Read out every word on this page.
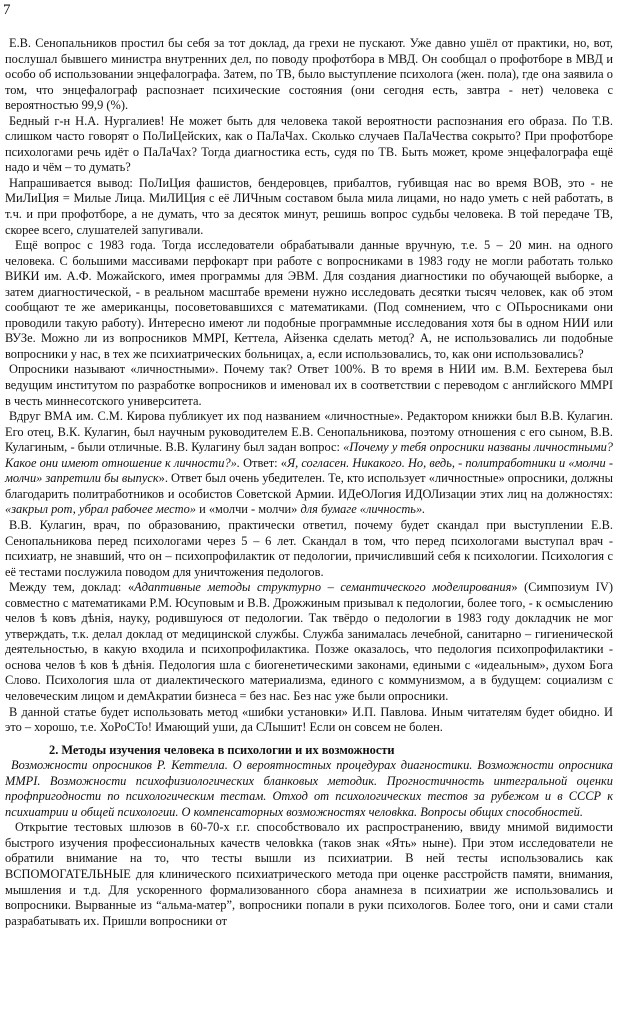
7

Е.В. Сенопальников простил бы себя за тот доклад, да грехи не пускают. Уже давно ушёл от практики, но, вот, послушал бывшего министра внутренних дел, по поводу профотбора в МВД. Он сообщал о профотборе в МВД и особо об использовании энцефалографа. Затем, по ТВ, было выступление психолога (жен. пола), где она заявила о том, что энцефалограф распознает психические состояния (они сегодня есть, завтра - нет) человека с вероятностью 99,9 (%).

Бедный г-н Н.А. Нургалиев! Не может быть для человека такой вероятности распознания его образа. По Т.В. слишком часто говорят о ПоЛиЦейских, как о ПаЛаЧах. Сколько случаев ПаЛаЧества сокрыто? При профотборе психологами речь идёт о ПаЛаЧах? Тогда диагностика есть, судя по ТВ. Быть может, кроме энцефалографа ещё надо и чём – то думать?

Напрашивается вывод: ПоЛиЦия фашистов, бендеровцев, прибалтов, губивщая нас во время ВОВ, это - не МиЛиЦия = Милые Лица. МиЛИЦия с её ЛИЧным составом была мила лицами, но надо уметь с ней работать, в т.ч. и при профотборе, а не думать, что за десяток минут, решишь вопрос судьбы человека. В той передаче ТВ, скорее всего, слушателей запугивали.

Ещё вопрос с 1983 года. Тогда исследователи обрабатывали данные вручную, т.е. 5 – 20 мин. на одного человека. С большими массивами перфокарт при работе с вопросниками в 1983 году не могли работать только ВИКИ им. А.Ф. Можайского, имея программы для ЭВМ. Для создания диагностики по обучающей выборке, а затем диагностической, - в реальном масштабе времени нужно исследовать десятки тысяч человек, как об этом сообщают те же американцы, посоветовавшихся с математиками. (Под сомнением, что с ОПьросниками они проводили такую работу). Интересно имеют ли подобные программные исследования хотя бы в одном НИИ или ВУЗе. Можно ли из вопросников MMPI, Кеттела, Айзенка сделать метод? А, не использовались ли подобные вопросники у нас, в тех же психиатрических больницах, а, если использовались, то, как они использовались?

Опросники называют «личностными». Почему так? Ответ 100%. В то время в НИИ им. В.М. Бехтерева был ведущим институтом по разработке вопросников и именовал их в соответствии с переводом с английского MMPI в честь миннесотского университета.

Вдруг ВМА им. С.М. Кирова публикует их под названием «личностные». Редактором книжки был В.В. Кулагин. Его отец, В.К. Кулагин, был научным руководителем Е.В. Сенопальникова, поэтому отношения с его сыном, В.В. Кулагиным, - были отличные. В.В. Кулагину был задан вопрос: «Почему у тебя опросники названы личностными? Какое они имеют отношение к личности?». Ответ: «Я, согласен. Никакого. Но, ведь, - политработники и «молчи - молчи» запретили бы выпуск». Ответ был очень убедителен. Те, кто использует «личностные» опросники, должны благодарить политработников и особистов Советской Армии. ИДеОЛогия ИДОЛизации этих лиц на должностях: «закрыл рот, убрал рабочее место» и «молчи - молчи» для бумаге «личность».

В.В. Кулагин, врач, по образованию, практически ответил, почему будет скандал при выступлении Е.В. Сенопальникова перед психологами через 5 – 6 лет. Скандал в том, что перед психологами выступал врач - психиатр, не знавший, что он – психопрофилактик от педологии, причисливший себя к психологии. Психология с её тестами послужила поводом для уничтожения педологов.

Между тем, доклад: «Адаптивные методы структурно – семантического моделирования» (Симпозиум IV) совместно с математиками Р.М. Юсуповым и В.В. Дрожжиным призывал к педологии, более того, - к осмыслению челов ѣ ковъ дѣнія, науку, родившуюся от педологии. Так твёрдо о педологии в 1983 году докладчик не мог утверждать, т.к. делал доклад от медицинской службы. Служба занималась лечебной, санитарно – гигиенической деятельностью, в какую входила и психопрофилактика. Позже оказалось, что педология психопрофилактики - основа челов ѣ ков ѣ дѣнія. Педология шла с биогенетическими законами, едиными с «идеальным», духом Бога Слово. Психология шла от диалектического материализма, единого с коммунизмом, а в будущем: социализм с человеческим лицом и демАкратии бизнеса = без нас. Без нас уже были опросники.

В данной статье будет использовать метод «шибки установки» И.П. Павлова. Иным читателям будет обидно. И это – хорошо, т.е. ХоРоСТо! Имающий уши, да СЛышит! Если он совсем не болен.

2. Методы изучения человека в психологии и их возможности

Возможности опросников Р. Кеттелла. О вероятностных процедурах диагностики. Возможности опросника MMPI. Возможности психофизиологических бланковых методик. Прогностичность интегральной оценки профпригодности по психологическим тестам. Отход от психологических тестов за рубежом и в СССР к психиатрии и общей психологии. О компенсаторных возможностях человkка. Вопросы общих способностей.

Открытие тестовых шлюзов в 60-70-х г.г. способствовало их распространению, ввиду мнимой видимости быстрого изучения профессиональных качеств человkка (таков знак «Ять» ныне). При этом исследователи не обратили внимание на то, что тесты вышли из психиатрии. В ней тесты использовались как ВСПОМОГАТЕЛЬНЫЕ для клинического психиатрического метода при оценке расстройств памяти, внимания, мышления и т.д. Для ускоренного формализованного сбора анамнеза в психиатрии же использовались и вопросники. Вырванные из “альма-матер”, вопросники попали в руки психологов. Более того, они и сами стали разрабатывать их. Пришли вопросники от
